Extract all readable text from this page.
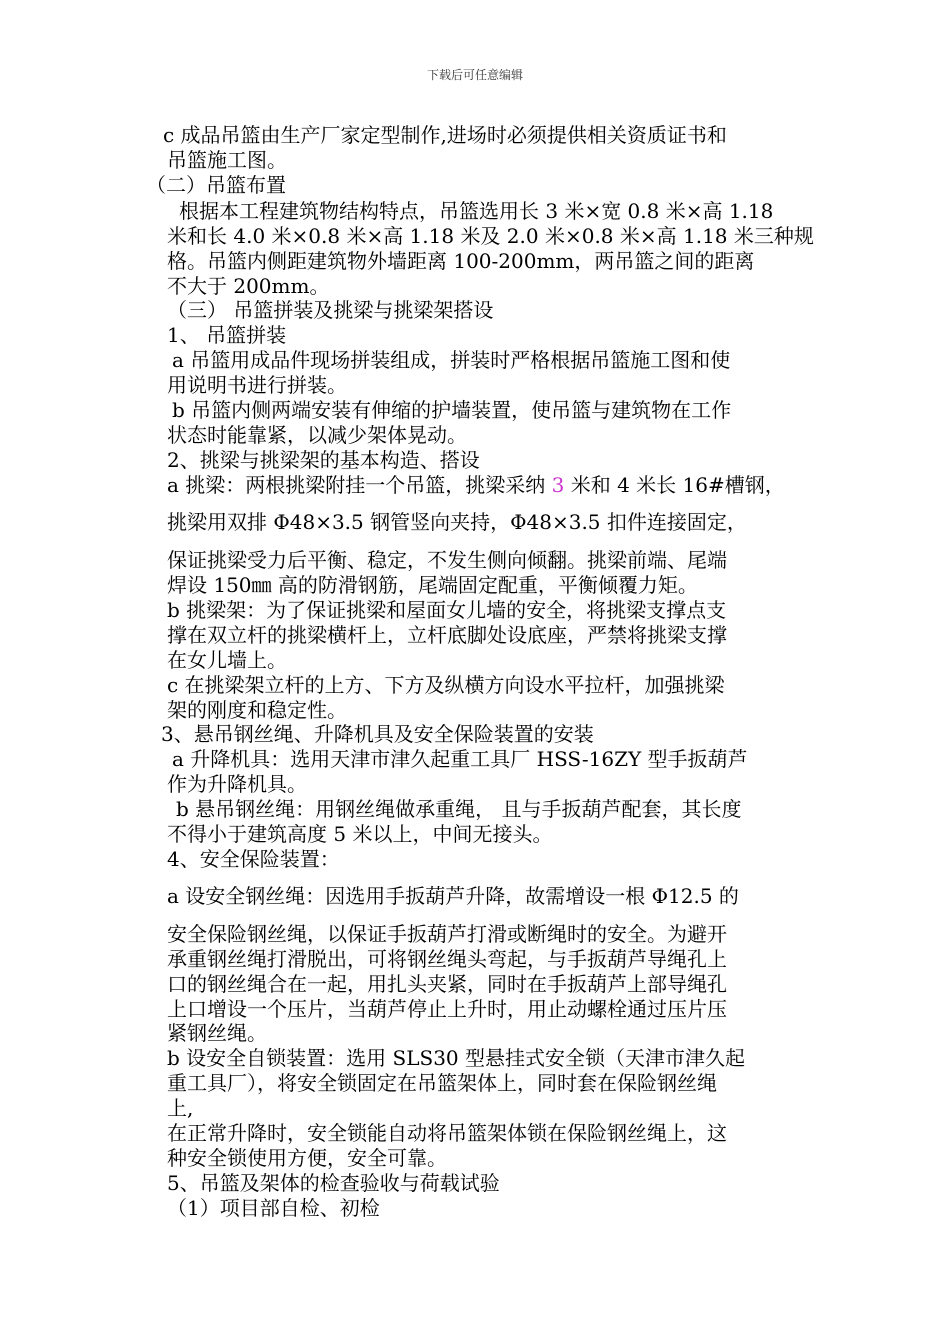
下载后可任意编辑
c 成品吊篮由生产厂家定型制作,进场时必须提供相关资质证书和
吊篮施工图。
（二）吊篮布置
根据本工程建筑物结构特点，吊篮选用长 3 米×宽 0.8 米×高 1.18
米和长 4.0 米×0.8 米×高 1.18 米及 2.0 米×0.8 米×高 1.18 米三种规
格。吊篮内侧距建筑物外墙距离 100-200mm，两吊篮之间的距离
不大于 200mm。
（三） 吊篮拼装及挑梁与挑梁架搭设
1、 吊篮拼装
a 吊篮用成品件现场拼装组成，拼装时严格根据吊篮施工图和使
用说明书进行拼装。
b 吊篮内侧两端安装有伸缩的护墙装置，使吊篮与建筑物在工作
状态时能靠紧，以减少架体晃动。
2、挑梁与挑梁架的基本构造、搭设
a 挑梁：两根挑梁附挂一个吊篮，挑梁采纳 3 米和 4 米长 16#槽钢，
挑梁用双排 Φ48×3.5 钢管竖向夹持，Φ48×3.5 扣件连接固定，
保证挑梁受力后平衡、稳定，不发生侧向倾翻。挑梁前端、尾端
焊设 150㎜ 高的防滑钢筋，尾端固定配重，平衡倾覆力矩。
b 挑梁架：为了保证挑梁和屋面女儿墙的安全，将挑梁支撑点支
撑在双立杆的挑梁横杆上，立杆底脚处设底座，严禁将挑梁支撑
在女儿墙上。
c 在挑梁架立杆的上方、下方及纵横方向设水平拉杆，加强挑梁
架的刚度和稳定性。
3、悬吊钢丝绳、升降机具及安全保险装置的安装
a 升降机具：选用天津市津久起重工具厂 HSS-16ZY 型手扳葫芦
作为升降机具。
b 悬吊钢丝绳：用钢丝绳做承重绳， 且与手扳葫芦配套，其长度
不得小于建筑高度 5 米以上，中间无接头。
4、安全保险装置：
a 设安全钢丝绳：因选用手扳葫芦升降，故需增设一根 Φ12.5 的
安全保险钢丝绳，以保证手扳葫芦打滑或断绳时的安全。为避开
承重钢丝绳打滑脱出，可将钢丝绳头弯起，与手扳葫芦导绳孔上
口的钢丝绳合在一起，用扎头夹紧，同时在手扳葫芦上部导绳孔
上口增设一个压片，当葫芦停止上升时，用止动螺栓通过压片压
紧钢丝绳。
b 设安全自锁装置：选用 SLS30 型悬挂式安全锁（天津市津久起
重工具厂），将安全锁固定在吊篮架体上，同时套在保险钢丝绳
上,
在正常升降时，安全锁能自动将吊篮架体锁在保险钢丝绳上，这
种安全锁使用方便，安全可靠。
5、吊篮及架体的检查验收与荷载试验
（1）项目部自检、初检
